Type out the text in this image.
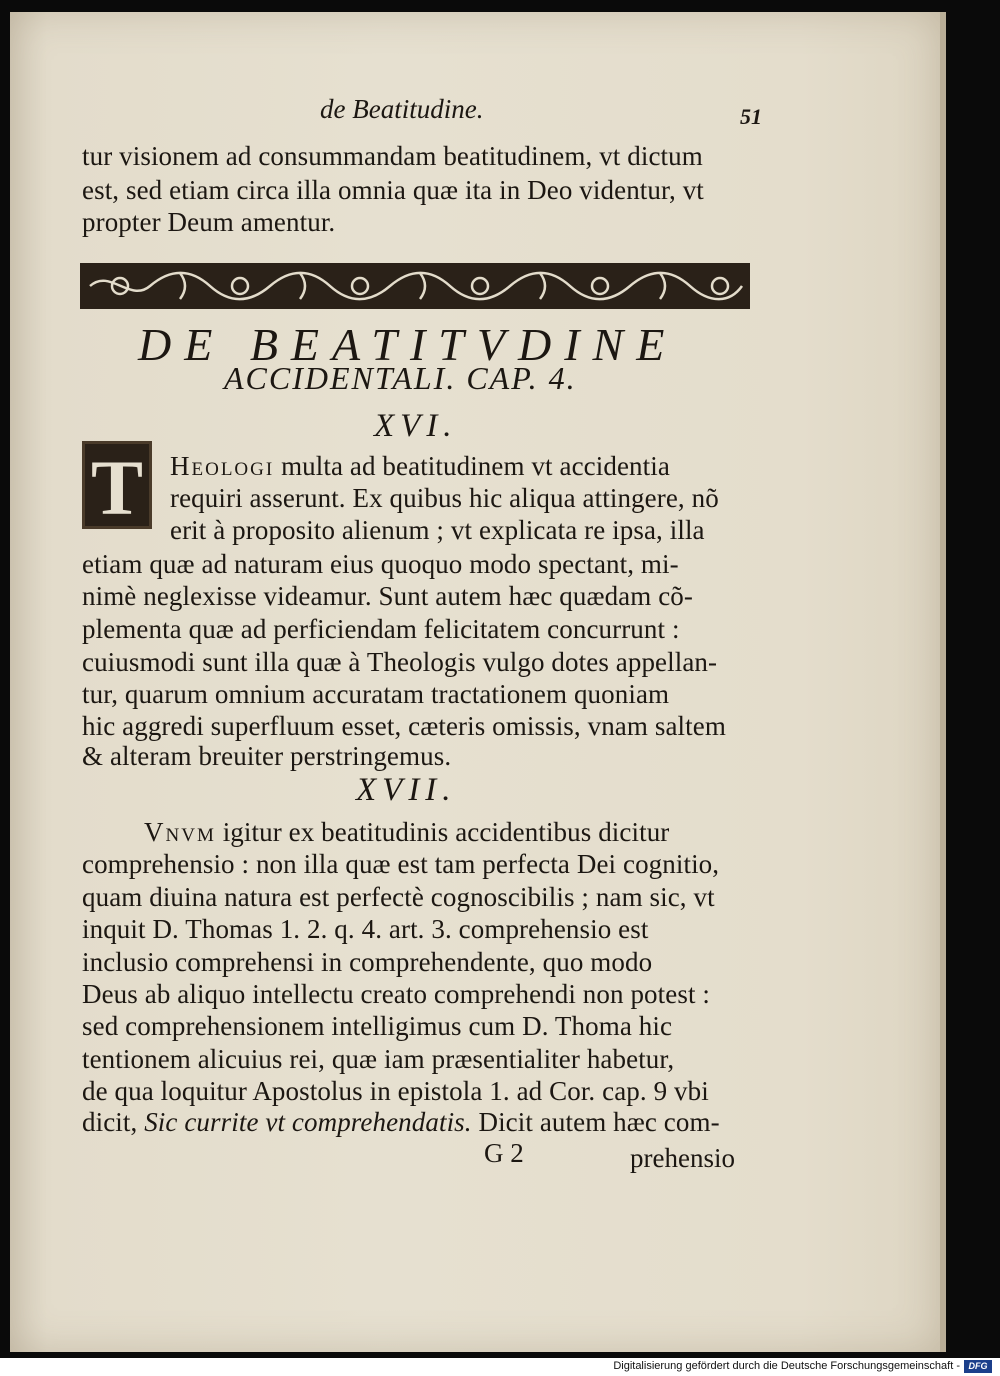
de Beatitudine.	51
tur visionem ad consummandam beatitudinem, vt dictum
est, sed etiam circa illa omnia quæ ita in Deo videntur, vt
propter Deum amentur.
DE BEATITVDINE
ACCIDENTALI. CAP. 4.
XVI.
T Heologi multa ad beatitudinem vt accidentia
requiri asserunt. Ex quibus hic aliqua attingere, nõ
erit à proposito alienum ; vt explicata re ipsa, illa
etiam quæ ad naturam eius quoquo modo spectant, mi-
nimè neglexisse videamur. Sunt autem hæc quædam cõ-
plementa quæ ad perficiendam felicitatem concurrunt :
cuiusmodi sunt illa quæ à Theologis vulgo dotes appellan-
tur, quarum omnium accuratam tractationem quoniam
hic aggredi superfluum esset, cæteris omissis, vnam saltem
& alteram breuiter perstringemus.
XVII.
Vnvm igitur ex beatitudinis accidentibus dicitur
comprehensio : non illa quæ est tam perfecta Dei cognitio,
quam diuina natura est perfectè cognoscibilis ; nam sic, vt
inquit D. Thomas 1. 2. q. 4. art. 3. comprehensio est
inclusio comprehensi in comprehendente, quo modo
Deus ab aliquo intellectu creato comprehendi non potest :
sed comprehensionem intelligimus cum D. Thoma hic
tentionem alicuius rei, quæ iam præsentialiter habetur,
de qua loquitur Apostolus in epistola 1. ad Cor. cap. 9 vbi
dicit, Sic currite vt comprehendatis. Dicit autem hæc com-
G 2	prehensio
Digitalisierung gefördert durch die Deutsche Forschungsgemeinschaft - DFG
